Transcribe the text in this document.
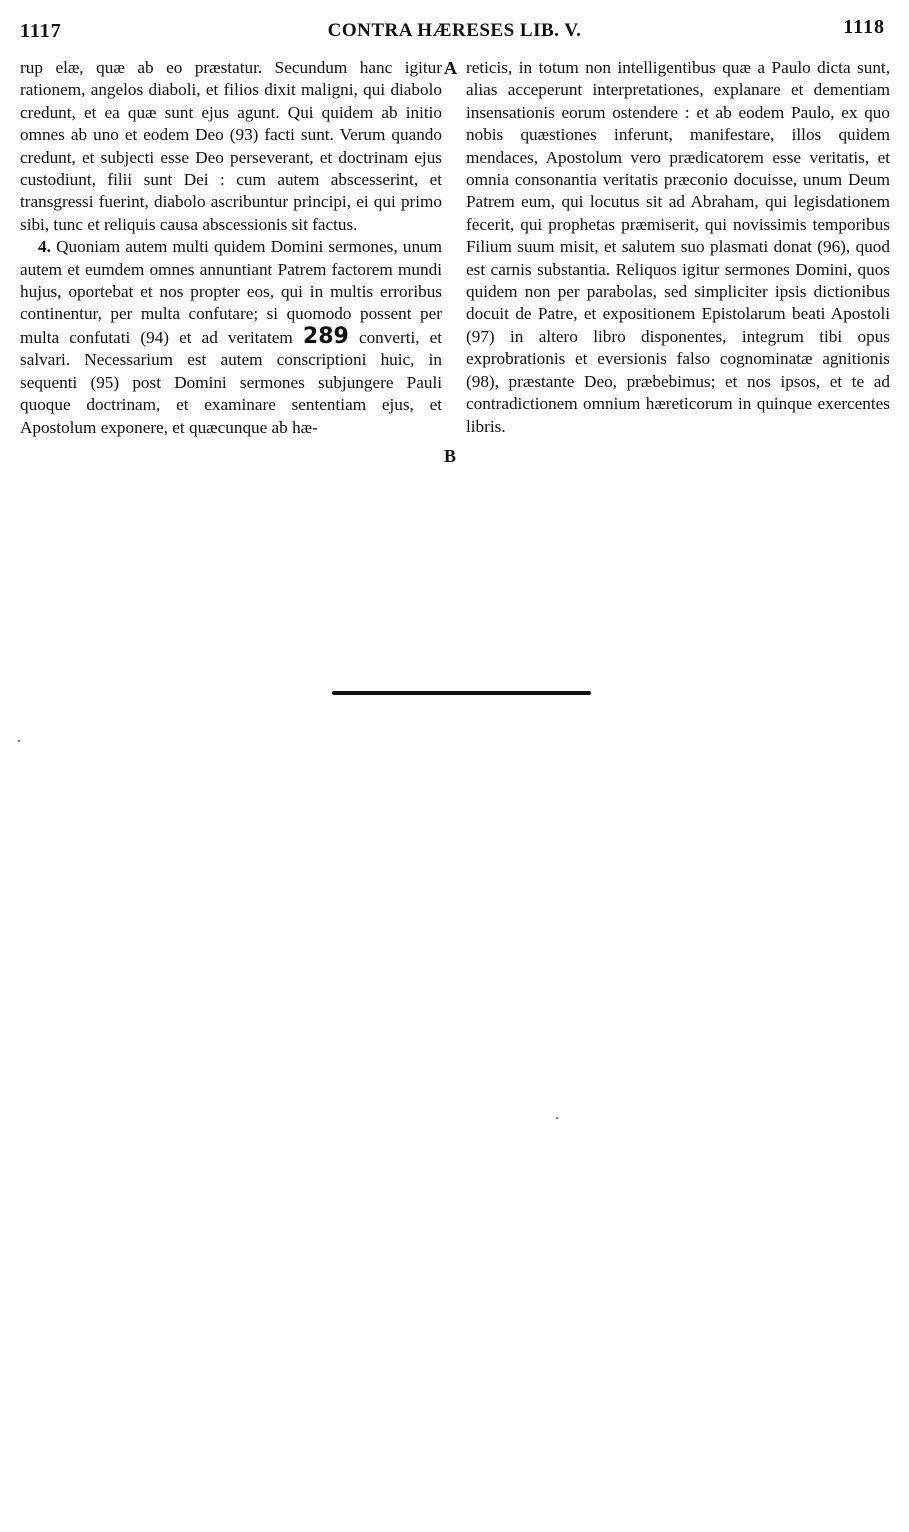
1117	CONTRA HÆRESES LIB. V.	1118
A
B

rup elæ, quæ ab eo præstatur. Secundum hanc igitur rationem, angelos diaboli, et filios dixit maligni, qui diabolo credunt, et ea quæ sunt ejus agunt. Qui quidem ab initio omnes ab uno et eodem Deo (93) facti sunt. Verum quando credunt, et subjecti esse Deo perseverant, et doctrinam ejus custodiunt, filii sunt Dei : cum autem abscesserint, et transgressi fuerint, diabolo ascribuntur principi, ei qui primo sibi, tunc et reliquis causa abscessionis sit factus.

4. Quoniam autem multi quidem Domini sermones, unum autem et eumdem omnes annuntiant Patrem factorem mundi hujus, oportebat et nos propter eos, qui in multis erroribus continentur, per multa confutare; si quomodo possent per multa confutati (94) et ad veritatem 289 converti, et salvari. Necessarium est autem conscriptioni huic, in sequenti (95) post Domini sermones subjungere Pauli quoque doctrinam, et examinare sententiam ejus, et Apostolum exponere, et quæcunque ab hæ-

reticis, in totum non intelligentibus quæ a Paulo dicta sunt, alias acceperunt interpretationes, explanare et dementiam insensationis eorum ostendere : et ab eodem Paulo, ex quo nobis quæstiones inferunt, manifestare, illos quidem mendaces, Apostolum vero prædicatorem esse veritatis, et omnia consonantia veritatis præconio docuisse, unum Deum Patrem eum, qui locutus sit ad Abraham, qui legisdationem fecerit, qui prophetas præmiserit, qui novissimis temporibus Filium suum misit, et salutem suo plasmati donat (96), quod est carnis substantia. Reliquos igitur sermones Domini, quos quidem non per parabolas, sed simpliciter ipsis dictionibus docuit de Patre, et expositionem Epistolarum beati Apostoli (97) in altero libro disponentes, integrum tibi opus exprobrationis et eversionis falso cognominatæ agnitionis (98), præstante Deo, præbebimus; et nos ipsos, et te ad contradictionem omnium hæreticorum in quinque exercentes libris.
